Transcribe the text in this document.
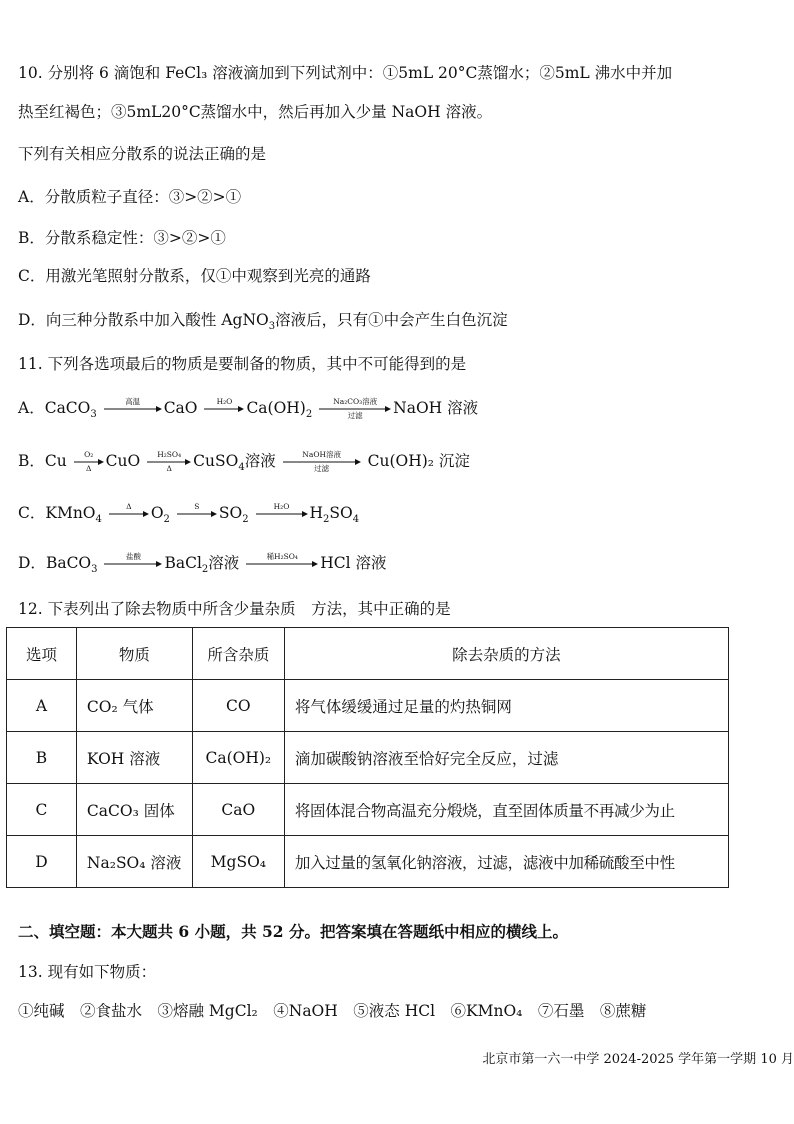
10. 分别将 6 滴饱和 FeCl₃ 溶液滴加到下列试剂中：①5mL 20°C蒸馏水；②5mL 沸水中并加
热至红褐色；③5mL20°C蒸馏水中，然后再加入少量 NaOH 溶液。
下列有关相应分散系的说法正确的是
A．分散质粒子直径：③>②>①
B．分散系稳定性：③>②>①
C．用激光笔照射分散系，仅①中观察到光亮的通路
D．向三种分散系中加入酸性 AgNO$_3$溶液后，只有①中会产生白色沉淀
11. 下列各选项最后的物质是要制备的物质，其中不可能得到的是
A．CaCO$_3$
高温	CaO	H₂O $Ca(OH)_2$
Na₂CO₃溶液
过滤	NaOH 溶液
B．Cu	O₂
Δ CuO	H₂SO₄
Δ	CuSO$_4$溶液	NaOH溶液
过滤	Cu(OH)₂ 沉淀
C．KMnO$_4$
Δ	$O_2$
S	$SO_2$
H₂O	$H_2SO_4$
D．BaCO$_3$
盐酸	BaCl$_2$溶液	稀H₂SO₄	HCl 溶液
12. 下表列出了除去物质中所含少量杂质　方法，其中正确的是
选项	物质	所含杂质	除去杂质的方法
A	CO₂ 气体	CO	将气体缓缓通过足量的灼热铜网
B	KOH 溶液	Ca(OH)₂	滴加碳酸钠溶液至恰好完全反应，过滤
C	CaCO₃ 固体	CaO	将固体混合物高温充分煅烧，直至固体质量不再减少为止
D	Na₂SO₄ 溶液	MgSO₄	加入过量的氢氧化钠溶液，过滤，滤液中加稀硫酸至中性
二、填空题：本大题共 6 小题，共 52 分。把答案填在答题纸中相应的横线上。
13. 现有如下物质：
①纯碱　②食盐水　③熔融 MgCl₂　④NaOH　⑤液态 HCl　⑥KMnO₄　⑦石墨　⑧蔗糖
北京市第一六一中学 2024-2025 学年第一学期 10 月
